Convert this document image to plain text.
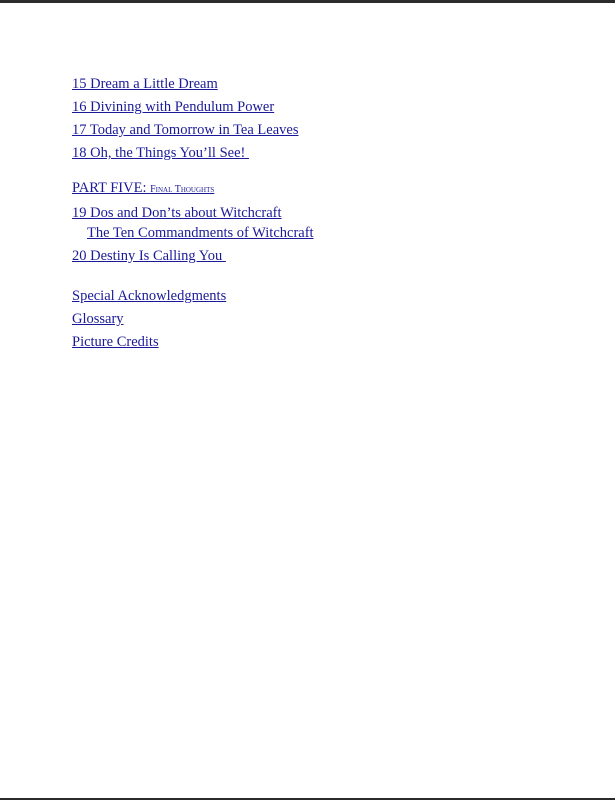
15 Dream a Little Dream
16 Divining with Pendulum Power
17 Today and Tomorrow in Tea Leaves
18 Oh, the Things You’ll See!
PART FIVE: Final Thoughts
19 Dos and Don’ts about Witchcraft
The Ten Commandments of Witchcraft
20 Destiny Is Calling You
Special Acknowledgments
Glossary
Picture Credits
